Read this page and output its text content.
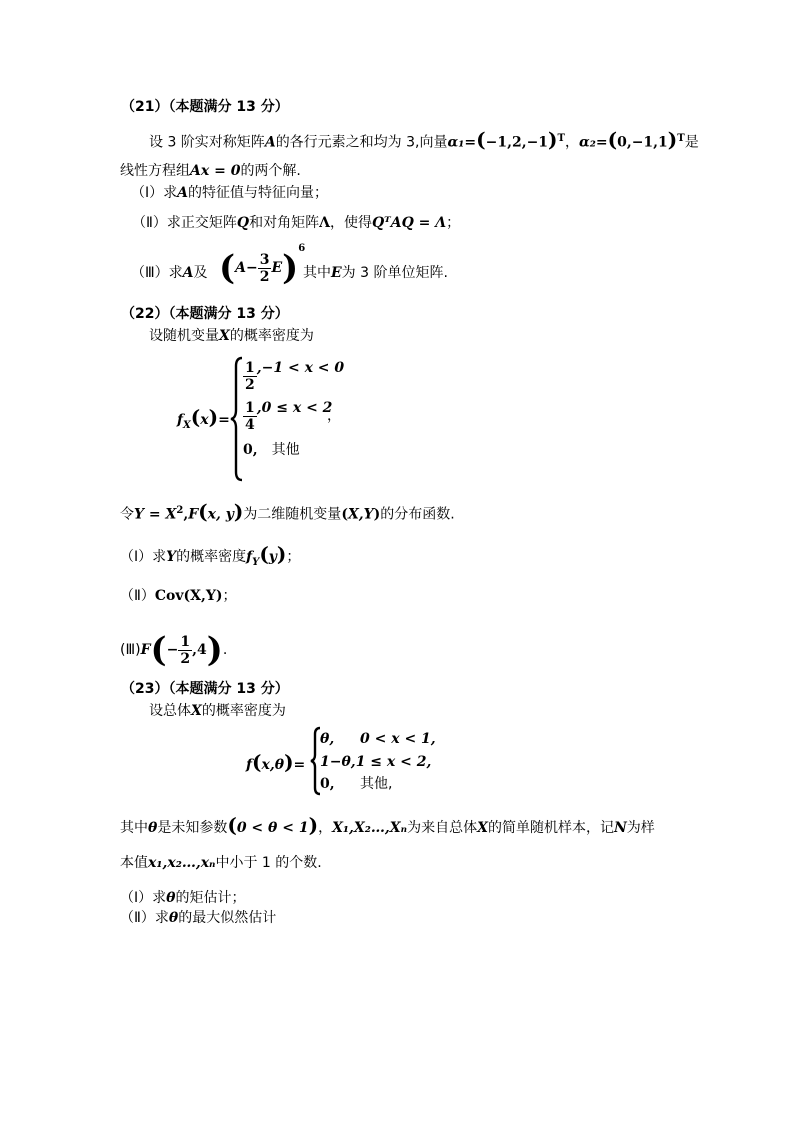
（21）（本题满分 13 分）
设 3 阶实对称矩阵A的各行元素之和均为 3,向量$\alpha_1=(-1,2,-1)^T$，$\alpha_2=(0,-1,1)^T$是
线性方程组Ax = 0的两个解.
（Ⅰ）求A的特征值与特征向量；
（Ⅱ）求正交矩阵Q和对角矩阵Λ，使得QᵀAQ = Λ；
（Ⅲ）求A及 $(A- \frac{3}{2} E)^6$
，其中E为 3 阶单位矩阵.
（22）（本题满分 13 分）
设随机变量X的概率密度为
$f_X(x)=$
$\frac{1}{2} ,-1 < x < 0$
$\frac{1}{4} ,0 \le x < 2$
，
0, 其他
令$Y = X^2,F(x$, y)为二维随机变量(X,Y)的分布函数.
（Ⅰ）求Y的概率密度$f_Y(y)$；
（Ⅱ）Cov(X,Y)；
(Ⅲ)F(− $\frac{1}{2} ,4$).
（23）（本题满分 13 分）
设总体X的概率密度为
f(x,θ)=
θ, 0 < x < 1,
1−θ,1 ≤ x < 2,
0, 其他,
其中θ是未知参数(0 < θ < 1)，X₁,X₂…,Xₙ为来自总体X的简单随机样本，记N为样
本值x₁,x₂…,xₙ中小于 1 的个数.
（Ⅰ）求θ的矩估计；
（Ⅱ）求θ的最大似然估计
